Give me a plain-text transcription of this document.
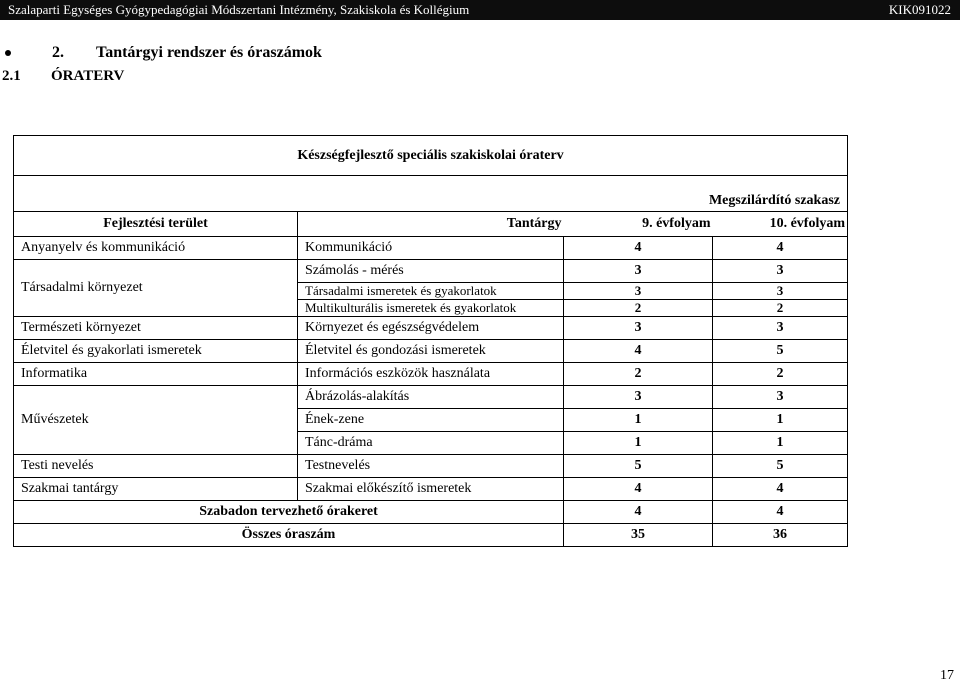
Szalaparti Egységes Gyógypedagógiai Módszertani Intézmény, Szakiskola és Kollégium	KIK091022
2. Tantárgyi rendszer és óraszámok
2.1 ÓRATERV
Készségfejlesztő speciális szakiskolai óraterv			
Megszilárdító szakasz			
Fejlesztési terület	Tantárgy	9. évfolyam	10. évfolyam
Anyanyelv és kommunikáció	Kommunikáció	4	4
Társadalmi környezet	Számolás - mérés	3	3
	Társadalmi ismeretek és gyakorlatok	3	3
	Multikulturális ismeretek és gyakorlatok	2	2
Természeti környezet	Környezet és egészségvédelem	3	3
Életvitel és gyakorlati ismeretek	Életvitel és gondozási ismeretek	4	5
Informatika	Információs eszközök használata	2	2
Művészetek	Ábrázolás-alakítás	3	3
	Ének-zene	1	1
	Tánc-dráma	1	1
Testi nevelés	Testnevelés	5	5
Szakmai tantárgy	Szakmai előkészítő ismeretek	4	4
Szabadon tervezhető órakeret		4	4
Összes óraszám		35	36
17
